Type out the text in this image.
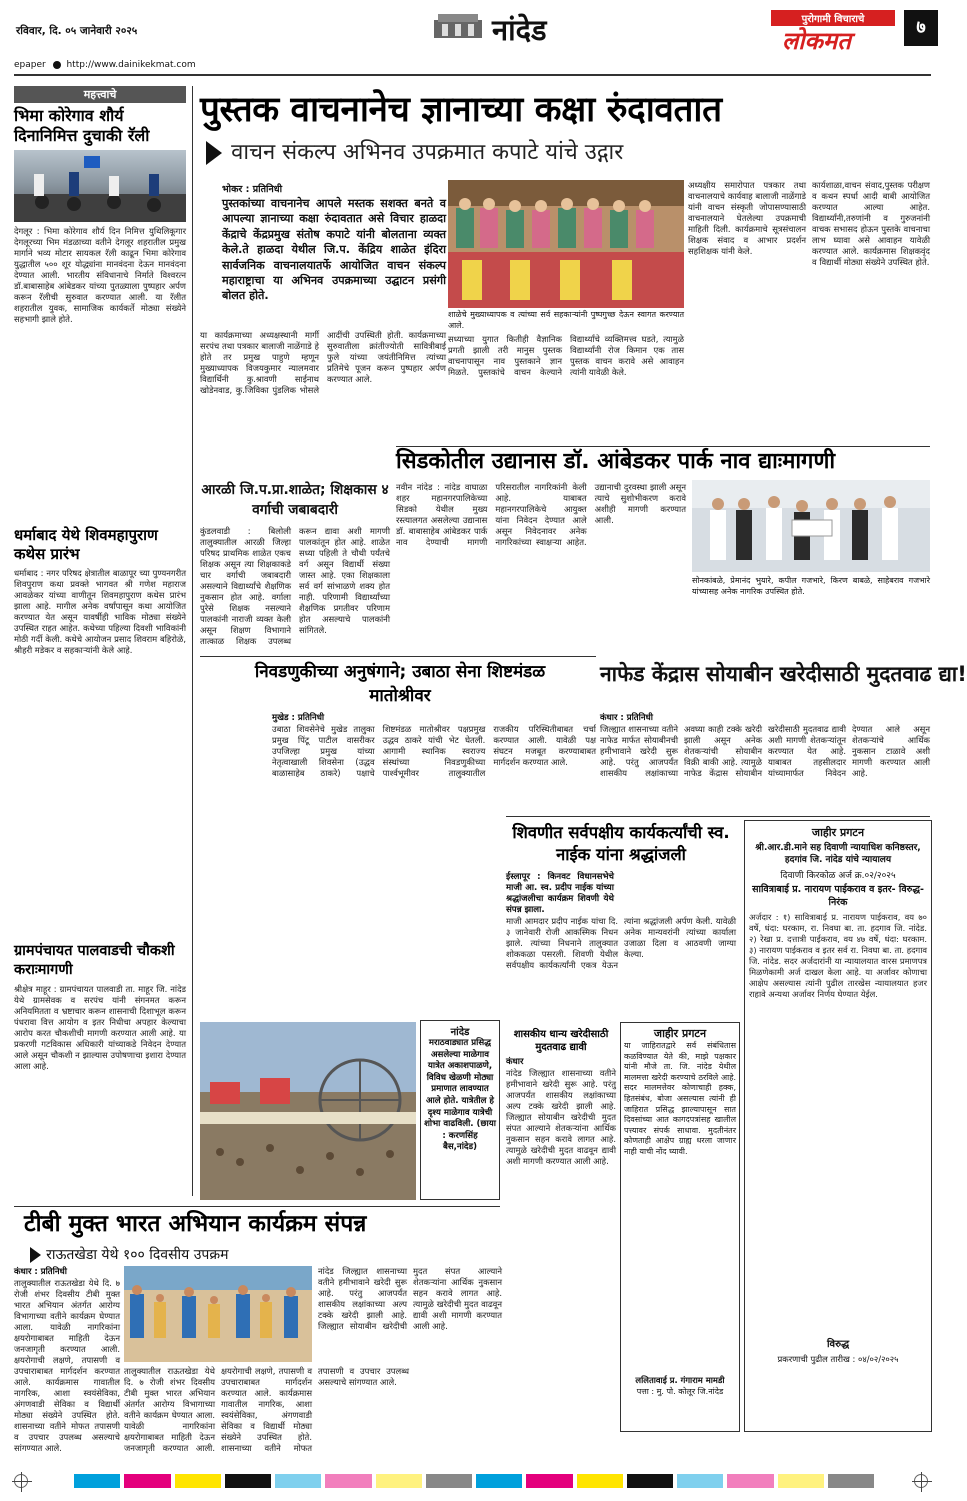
रविवार, दि. ०५ जानेवारी २०२५	नांदेड	पुरोगामी विचाराचे
लोकमत	७
epaper http://www.dainikekmat.com
महत्त्वाचे
भिमा कोरेगाव शौर्य दिनानिमित्त दुचाकी रॅली
देगलूर : भिमा कोरेगाव शौर्य दिन निमित्त युथिलिकूगार देगलूरच्या भिम मंडळाच्या वतीने देगलूर शहरातील प्रमुख मार्गाने भव्य मोटार सायकल रॅली काढून भिमा कोरेगाव युद्धातील ५०० शूर योद्ध्यांना मानवंदना देऊन मानवंदना देण्यात आली. भारतीय संविधानाचे निर्माते विश्वरत्न डॉ.बाबासाहेब आंबेडकर यांच्या पुतळ्याला पुष्पहार अर्पण करून रॅलीची सुरुवात करण्यात आली. या रॅलीत शहरातील युवक, सामाजिक कार्यकर्ते मोठ्या संख्येने सहभागी झाले होते.
धर्माबाद येथे शिवमहापुराण कथेस प्रारंभ
धर्माबाद : नगर परिषद क्षेत्रातील बाळापूर च्या पुण्यनगरीत शिवपुराण कथा प्रवक्ते भागवत श्री गणेश महाराज आवळेकर यांच्या वाणीतून शिवमहापुराण कथेस प्रारंभ झाला आहे. मागील अनेक वर्षांपासून कथा आयोजित करण्यात येत असून यावर्षीही भाविक मोठ्या संख्येने उपस्थित राहत आहेत. कथेच्या पहिल्या दिवशी भाविकांनी मोठी गर्दी केली. कथेचे आयोजन प्रसाद शिवराम बहिरोळे, श्रीहरी मडेकर व सहकाऱ्यांनी केले आहे.
ग्रामपंचायत पालवाडची चौकशी कराःमागणी
श्रीक्षेत्र माहूर : ग्रामपंचायत पालवाडी ता. माहूर जि. नांदेड येथे ग्रामसेवक व सरपंच यांनी संगनमत करून अनियमितता व भ्रष्टाचार करून शासनाची दिशाभूल करून पंधरावा वित्त आयोग व इतर निधीचा अपहार केल्याचा आरोप करत चौकशीची मागणी करण्यात आली आहे. या प्रकरणी गटविकास अधिकारी यांच्याकडे निवेदन देण्यात आले असून चौकशी न झाल्यास उपोषणाचा इशारा देण्यात आला आहे.
पुस्तक वाचनानेच ज्ञानाच्या कक्षा रुंदावतात
वाचन संकल्प अभिनव उपक्रमात कपाटे यांचे उद्गार
भोकर : प्रतिनिधी
पुस्तकांच्या वाचनानेच आपले मस्तक सशक्त बनते व आपल्या ज्ञानाच्या कक्षा रुंदावतात असे विचार हाळदा केंद्राचे केंद्रप्रमुख संतोष कपाटे यांनी बोलताना व्यक्त केले.ते हाळदा येथील जि.प. केंद्रिय शाळेत इंदिरा सार्वजनिक वाचनालयातर्फे आयोजित वाचन संकल्प महाराष्ट्राचा या अभिनव उपक्रमाच्या उद्घाटन प्रसंगी बोलत होते.
शाळेचे मुख्याध्यापक व त्यांच्या सर्व सहकाऱ्यांनी पुष्पगुच्छ देऊन स्वागत करण्यात आले.
या कार्यक्रमाच्या अध्यक्षस्थानी मार्गी सरपंच तथा पत्रकार बालाजी नाळेंगाडे हे होते तर प्रमुख पाहुणे म्हणून मुख्याध्यापक विजयकुमार न्यालमवार विद्यार्थिनी कु.श्रावणी साईनाथ खोडेनवाड, कु.जिविका पुंडलिक भोसले आदींची उपस्थिती होती. कार्यक्रमाच्या सुरुवातीला क्रांतीज्योती सावित्रीबाई फुले यांच्या जयंतीनिमित्त त्यांच्या प्रतिमेचे पूजन करून पुष्पहार अर्पण करण्यात आले.
सध्याच्या युगात कितीही वैज्ञानिक प्रगती झाली तरी मानुस पुस्तक वाचनापासून नाव पुस्तकाने ज्ञान मिळते. पुस्तकांचे वाचन केल्याने विद्यार्थ्यांचे व्यक्तिमत्त्व घडते, त्यामुळे विद्यार्थ्यांनी रोज किमान एक तास पुस्तक वाचन करावे असे आवाहन त्यांनी यावेळी केले.
अध्यक्षीय समारोपात पत्रकार तथा वाचनालयाचे कार्यवाह बालाजी नाळेंगाडे यांनी वाचन संस्कृती जोपासण्यासाठी वाचनालयाने घेतलेल्या उपक्रमाची माहिती दिली. कार्यक्रमाचे सूत्रसंचालन शिक्षक संवाद व आभार प्रदर्शन सहशिक्षक यांनी केले.
कार्यशाळा,वाचन संवाद,पुस्तक परीक्षण व कथन स्पर्धा आदी बाबी आयोजित करण्यात आल्या आहेत. विद्यार्थ्यांनी,तरुणांनी व गुरुजनांनी वाचक सभासद होऊन पुस्तके वाचनाचा लाभ घ्यावा असे आवाहन यावेळी करण्यात आले. कार्यक्रमास शिक्षकवृंद व विद्यार्थी मोठ्या संख्येने उपस्थित होते.
आरळी जि.प.प्रा.शाळेत; शिक्षकास ४ वर्गाची जबाबदारी
कुंडलवाडी : बिलोली तालुक्यातील आरळी जिल्हा परिषद प्राथमिक शाळेत एकच शिक्षक असून त्या शिक्षकाकडे चार वर्गाची जबाबदारी असल्याने विद्यार्थ्यांचे शैक्षणिक नुकसान होत आहे. वर्गाला पुरेसे शिक्षक नसल्याने पालकांनी नाराजी व्यक्त केली असून शिक्षण विभागाने तात्काळ शिक्षक उपलब्ध करून द्यावा अशी मागणी पालकांतून होत आहे. शाळेत सध्या पहिली ते चौथी पर्यंतचे वर्ग असून विद्यार्थी संख्या जास्त आहे. एका शिक्षकाला सर्व वर्ग सांभाळणे शक्य होत नाही. परिणामी विद्यार्थ्यांच्या शैक्षणिक प्रगतीवर परिणाम होत असल्याचे पालकांनी सांगितले.
सिडकोतील उद्यानास डॉ. आंबेडकर पार्क नाव द्याःमागणी
नवीन नांदेड : नांदेड वाघाळा शहर महानगरपालिकेच्या सिडको येथील मुख्य रस्त्यालगत असलेल्या उद्यानास डॉ. बाबासाहेब आंबेडकर पार्क नाव देण्याची मागणी परिसरातील नागरिकांनी केली आहे. याबाबत महानगरपालिकेचे आयुक्त यांना निवेदन देण्यात आले असून निवेदनावर अनेक नागरिकांच्या स्वाक्षऱ्या आहेत. उद्यानाची दुरवस्था झाली असून त्याचे सुशोभीकरण करावे अशीही मागणी करण्यात आली.
सोनकांबळे, प्रेमानंद भुयारे, कपील गजभारे, किरण बाबळे, साहेबराव गजभारे यांच्यासह अनेक नागरिक उपस्थित होते.
निवडणुकीच्या अनुषंगाने; उबाठा सेना शिष्टमंडळ मातोश्रीवर
मुखेड : प्रतिनिधी
उबाठा शिवसेनेचे मुखेड तालुका प्रमुख पिंटू पाटील वासरीकर उपजिल्हा प्रमुख यांच्या नेतृत्वाखाली शिवसेना (उद्धव बाळासाहेब ठाकरे) पक्षाचे शिष्टमंडळ मातोश्रीवर पक्षप्रमुख उद्धव ठाकरे यांची भेट घेतली. आगामी स्थानिक स्वराज्य संस्थांच्या निवडणुकीच्या पार्श्वभूमीवर तालुक्यातील राजकीय परिस्थितीबाबत चर्चा करण्यात आली. यावेळी पक्ष संघटन मजबूत करण्याबाबत मार्गदर्शन करण्यात आले.
नांदेड
मराठवाड्यात प्रसिद्ध असलेल्या माळेगाव यात्रेत अकाशपाळणे, विविध खेळणी मोठ्या प्रमाणात लावण्यात आले होते. यात्रेतील हे दृश्य माळेगाव यात्रेची शोभा वाढविली. (छाया : करणसिंह बैस,नांदेड)
नाफेड केंद्रास सोयाबीन खरेदीसाठी मुदतवाढ द्या!
कंधार : प्रतिनिधी
जिल्ह्यात शासनाच्या वतीने नाफेड मार्फत सोयाबीनची हमीभावाने खरेदी सुरू आहे. परंतु आजपर्यंत शासकीय लक्षांकाच्या अवघ्या काही टक्के खरेदी झाली असून अनेक शेतकऱ्यांची सोयाबीन विक्री बाकी आहे. त्यामुळे नाफेड केंद्रास सोयाबीन खरेदीसाठी मुदतवाढ द्यावी अशी मागणी शेतकऱ्यांतून करण्यात येत आहे. याबाबत तहसीलदार यांच्यामार्फत निवेदन देण्यात आले असून शेतकऱ्यांचे आर्थिक नुकसान टाळावे अशी मागणी करण्यात आली आहे.
शिवणीत सर्वपक्षीय कार्यकर्त्यांची स्व. नाईक यांना श्रद्धांजली
ईस्लापूर : किनवट विधानसभेचे माजी आ. स्व. प्रदीप नाईक यांच्या श्रद्धांजलीचा कार्यक्रम शिवणी येथे संपन्न झाला.
माजी आमदार प्रदीप नाईक यांचा दि. ३ जानेवारी रोजी आकस्मिक निधन झाले. त्यांच्या निधनाने तालुक्यात शोककळा पसरली. शिवणी येथील सर्वपक्षीय कार्यकर्त्यांनी एकत्र येऊन त्यांना श्रद्धांजली अर्पण केली. यावेळी अनेक मान्यवरांनी त्यांच्या कार्याला उजाळा दिला व आठवणी जाग्या केल्या.
शासकीय धान्य खरेदीसाठी मुदतवाढ द्यावी
कंधार
नांदेड जिल्ह्यात शासनाच्या वतीने हमीभावाने खरेदी सुरू आहे. परंतु आजपर्यंत शासकीय लक्षांकाच्या अल्प टक्के खरेदी झाली आहे. जिल्ह्यात सोयाबीन खरेदीची मुदत संपत आल्याने शेतकऱ्यांना आर्थिक नुकसान सहन करावे लागत आहे. त्यामुळे खरेदीची मुदत वाढवून द्यावी अशी मागणी करण्यात आली आहे.
जाहीर प्रगटन
या जाहिरातद्वारे सर्व संबंधितास कळविण्यात येते की, माझे पक्षकार यांनी मौजे ता. जि. नांदेड येथील मालमत्ता खरेदी करण्याचे ठरविले आहे. सदर मालमत्तेवर कोणाचाही हक्क, हितसंबंध, बोजा असल्यास त्यांनी ही जाहिरात प्रसिद्ध झाल्यापासून सात दिवसांच्या आत कागदपत्रांसह खालील पत्त्यावर संपर्क साधावा. मुदतीनंतर कोणताही आक्षेप ग्राह्य धरला जाणार नाही याची नोंद घ्यावी.
ललितावाई प्र. गंगाराम मामडी
पत्ता : मु. पो. कोलूर जि.नांदेड
जाहीर प्रगटन
श्री.आर.डी.माने सह दिवाणी न्यायाधिश कनिष्ठस्तर, हदगांव जि. नांदेड यांचे न्यायालय
दिवाणी किरकोळ अर्ज क्र.०२/२०२५
सावित्राबाई प्र. नारायण पाईकराव व इतर- विरुद्ध- निरंक
अर्जदार : १) सावित्राबाई प्र. नारायण पाईकराव, वय ७० वर्षे, धंदा: घरकाम, रा. निवघा बा. ता. हदगाव जि. नांदेड. २) रेखा प्र. दत्तात्री पाईकराव, वय ४७ वर्षे, धंदा: घरकाम. ३) नारायण पाईकराव व इतर सर्व रा. निवघा बा. ता. हदगाव जि. नांदेड. सदर अर्जदारांनी या न्यायालयात वारस प्रमाणपत्र मिळणेकामी अर्ज दाखल केला आहे. या अर्जावर कोणाचा आक्षेप असल्यास त्यांनी पुढील तारखेस न्यायालयात हजर राहावे अन्यथा अर्जावर निर्णय घेण्यात येईल.
विरुद्ध
प्रकरणाची पुढील तारीख : ०४/०२/२०२५
टीबी मुक्त भारत अभियान कार्यक्रम संपन्न
राऊतखेडा येथे १०० दिवसीय उपक्रम
कंधार : प्रतिनिधी
तालुक्यातील राऊतखेडा येथे दि. ७ रोजी शंभर दिवसीय टीबी मुक्त भारत अभियान अंतर्गत आरोग्य विभागाच्या वतीने कार्यक्रम घेण्यात आला. यावेळी नागरिकांना क्षयरोगाबाबत माहिती देऊन जनजागृती करण्यात आली. क्षयरोगाची लक्षणे, तपासणी व उपचाराबाबत मार्गदर्शन करण्यात आले. कार्यक्रमास गावातील नागरिक, आशा स्वयंसेविका, अंगणवाडी सेविका व विद्यार्थी मोठ्या संख्येने उपस्थित होते. शासनाच्या वतीने मोफत तपासणी व उपचार उपलब्ध असल्याचे सांगण्यात आले.
तालुक्यातील राऊतखेडा येथे दि. ७ रोजी शंभर दिवसीय टीबी मुक्त भारत अभियान अंतर्गत आरोग्य विभागाच्या वतीने कार्यक्रम घेण्यात आला. यावेळी नागरिकांना क्षयरोगाबाबत माहिती देऊन जनजागृती करण्यात आली. क्षयरोगाची लक्षणे, तपासणी व उपचाराबाबत मार्गदर्शन करण्यात आले. कार्यक्रमास गावातील नागरिक, आशा स्वयंसेविका, अंगणवाडी सेविका व विद्यार्थी मोठ्या संख्येने उपस्थित होते. शासनाच्या वतीने मोफत तपासणी व उपचार उपलब्ध असल्याचे सांगण्यात आले.
नांदेड जिल्ह्यात शासनाच्या वतीने हमीभावाने खरेदी सुरू आहे. परंतु आजपर्यंत शासकीय लक्षांकाच्या अल्प टक्के खरेदी झाली आहे. जिल्ह्यात सोयाबीन खरेदीची मुदत संपत आल्याने शेतकऱ्यांना आर्थिक नुकसान सहन करावे लागत आहे. त्यामुळे खरेदीची मुदत वाढवून द्यावी अशी मागणी करण्यात आली आहे.
